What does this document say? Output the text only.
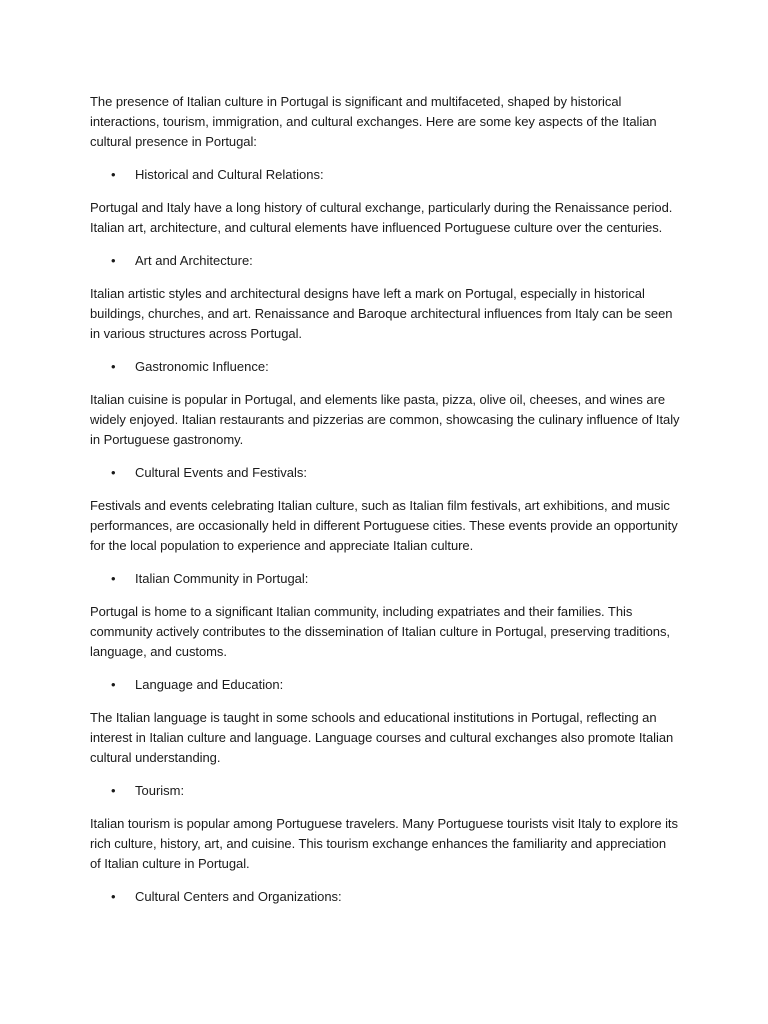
The presence of Italian culture in Portugal is significant and multifaceted, shaped by historical interactions, tourism, immigration, and cultural exchanges. Here are some key aspects of the Italian cultural presence in Portugal:

• Historical and Cultural Relations:

Portugal and Italy have a long history of cultural exchange, particularly during the Renaissance period. Italian art, architecture, and cultural elements have influenced Portuguese culture over the centuries.

• Art and Architecture:

Italian artistic styles and architectural designs have left a mark on Portugal, especially in historical buildings, churches, and art. Renaissance and Baroque architectural influences from Italy can be seen in various structures across Portugal.

• Gastronomic Influence:

Italian cuisine is popular in Portugal, and elements like pasta, pizza, olive oil, cheeses, and wines are widely enjoyed. Italian restaurants and pizzerias are common, showcasing the culinary influence of Italy in Portuguese gastronomy.

• Cultural Events and Festivals:

Festivals and events celebrating Italian culture, such as Italian film festivals, art exhibitions, and music performances, are occasionally held in different Portuguese cities. These events provide an opportunity for the local population to experience and appreciate Italian culture.

• Italian Community in Portugal:

Portugal is home to a significant Italian community, including expatriates and their families. This community actively contributes to the dissemination of Italian culture in Portugal, preserving traditions, language, and customs.

• Language and Education:

The Italian language is taught in some schools and educational institutions in Portugal, reflecting an interest in Italian culture and language. Language courses and cultural exchanges also promote Italian cultural understanding.

• Tourism:

Italian tourism is popular among Portuguese travelers. Many Portuguese tourists visit Italy to explore its rich culture, history, art, and cuisine. This tourism exchange enhances the familiarity and appreciation of Italian culture in Portugal.

• Cultural Centers and Organizations:
